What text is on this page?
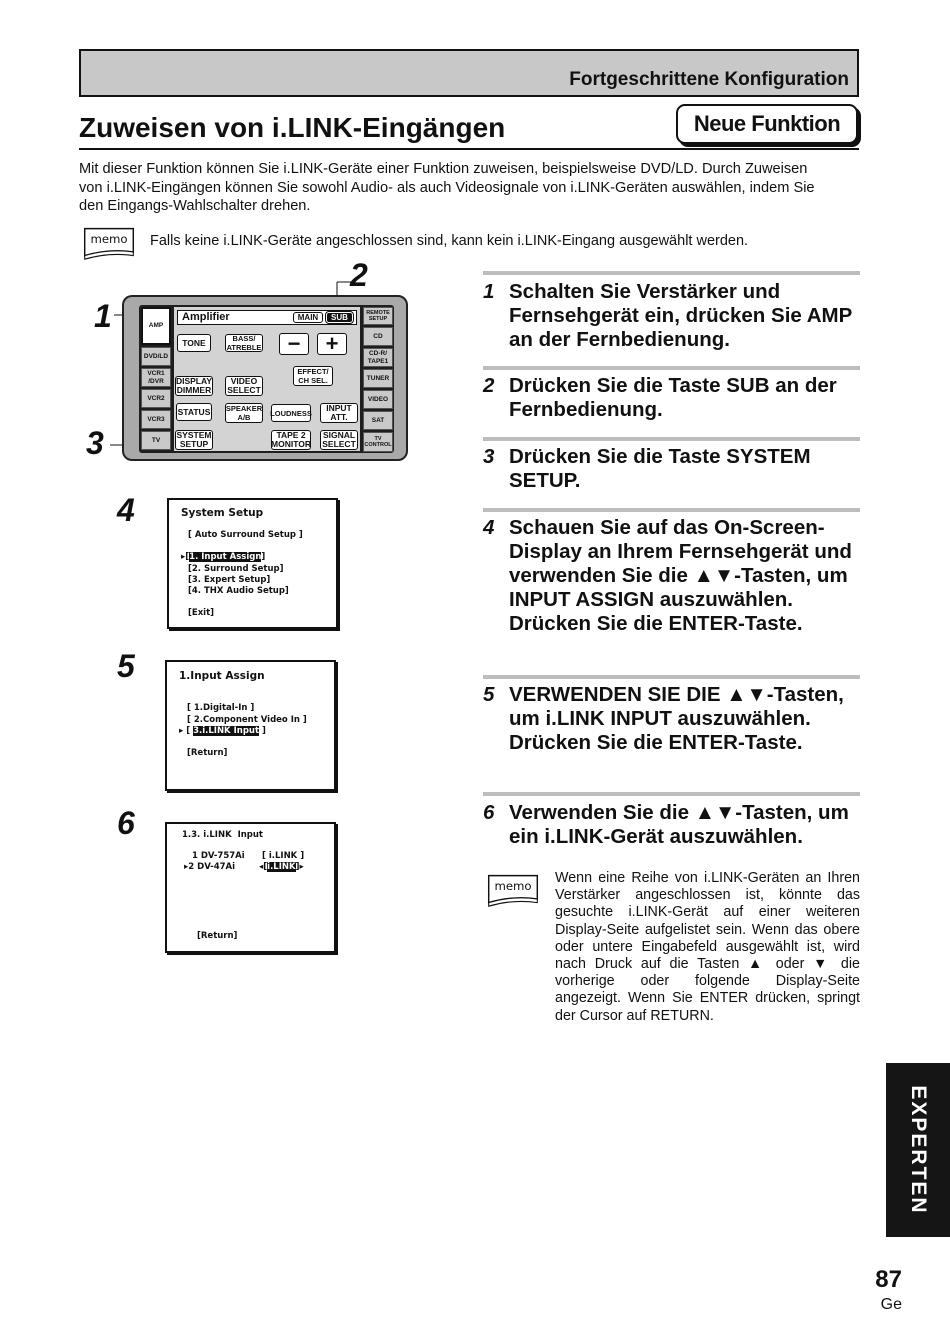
Fortgeschrittene Konfiguration
Zuweisen von i.LINK-Eingängen	Neue Funktion
Mit dieser Funktion können Sie i.LINK-Geräte einer Funktion zuweisen, beispielsweise DVD/LD. Durch Zuweisen
von i.LINK-Eingängen können Sie sowohl Audio- als auch Videosignale von i.LINK-Geräten auswählen, indem Sie
den Eingangs-Wahlschalter drehen.
memo Falls keine i.LINK-Geräte angeschlossen sind, kann kein i.LINK-Eingang ausgewählt werden.
1
2
3
4
5
6
AMP
DVD/LD
VCR1
/DVR
VCR2
VCR3
TV
Amplifier	MAIN	SUB
TONE	BASS/
ATREBLE	−	+
EFFECT/
CH SEL.
DISPLAY
DIMMER
VIDEO
SELECT
STATUS SPEAKER
A/B	LOUDNESS	INPUT
ATT.
SYSTEM
SETUP
TAPE 2
MONITOR
SIGNAL
SELECT
REMOTE
SETUP
CD
CD-R/
TAPE1
TUNER
VIDEO
SAT
TV
CONTROL
System Setup
[ Auto Surround Setup ]
▸[1. Input Assign]
[2. Surround Setup]
[3. Expert Setup]
[4. THX Audio Setup]
[Exit]
1.Input Assign
[ 1.Digital-In ]
[ 2.Component Video In ]
▸ [ 3.i.LINK Input ]
[Return]
1.3. i.LINK  Input
1 DV-757Ai [ i.LINK ]
▸2 DV-47Ai	◂[i.LINK]▸
[Return]
1 Schalten Sie Verstärker und Fernsehgerät ein, drücken Sie AMP an der Fernbedienung.
2 Drücken Sie die Taste SUB an der Fernbedienung.
3 Drücken Sie die Taste SYSTEM SETUP.
4 Schauen Sie auf das On-Screen-Display an Ihrem Fernsehgerät und verwenden Sie die ▲▼-Tasten, um INPUT ASSIGN auszuwählen. Drücken Sie die ENTER-Taste.
5 VERWENDEN SIE DIE ▲▼-Tasten, um i.LINK INPUT auszuwählen. Drücken Sie die ENTER-Taste.
6 Verwenden Sie die ▲▼-Tasten, um ein i.LINK-Gerät auszuwählen.
memo Wenn eine Reihe von i.LINK-Geräten an Ihren Verstärker angeschlossen ist, könnte das gesuchte i.LINK-Gerät auf einer weiteren Display-Seite aufgelistet sein. Wenn das obere oder untere Eingabefeld ausgewählt ist, wird nach Druck auf die Tasten ▲ oder ▼ die vorherige oder folgende Display-Seite angezeigt. Wenn Sie ENTER drücken, springt der Cursor auf RETURN.
EXPERTEN
87
Ge
